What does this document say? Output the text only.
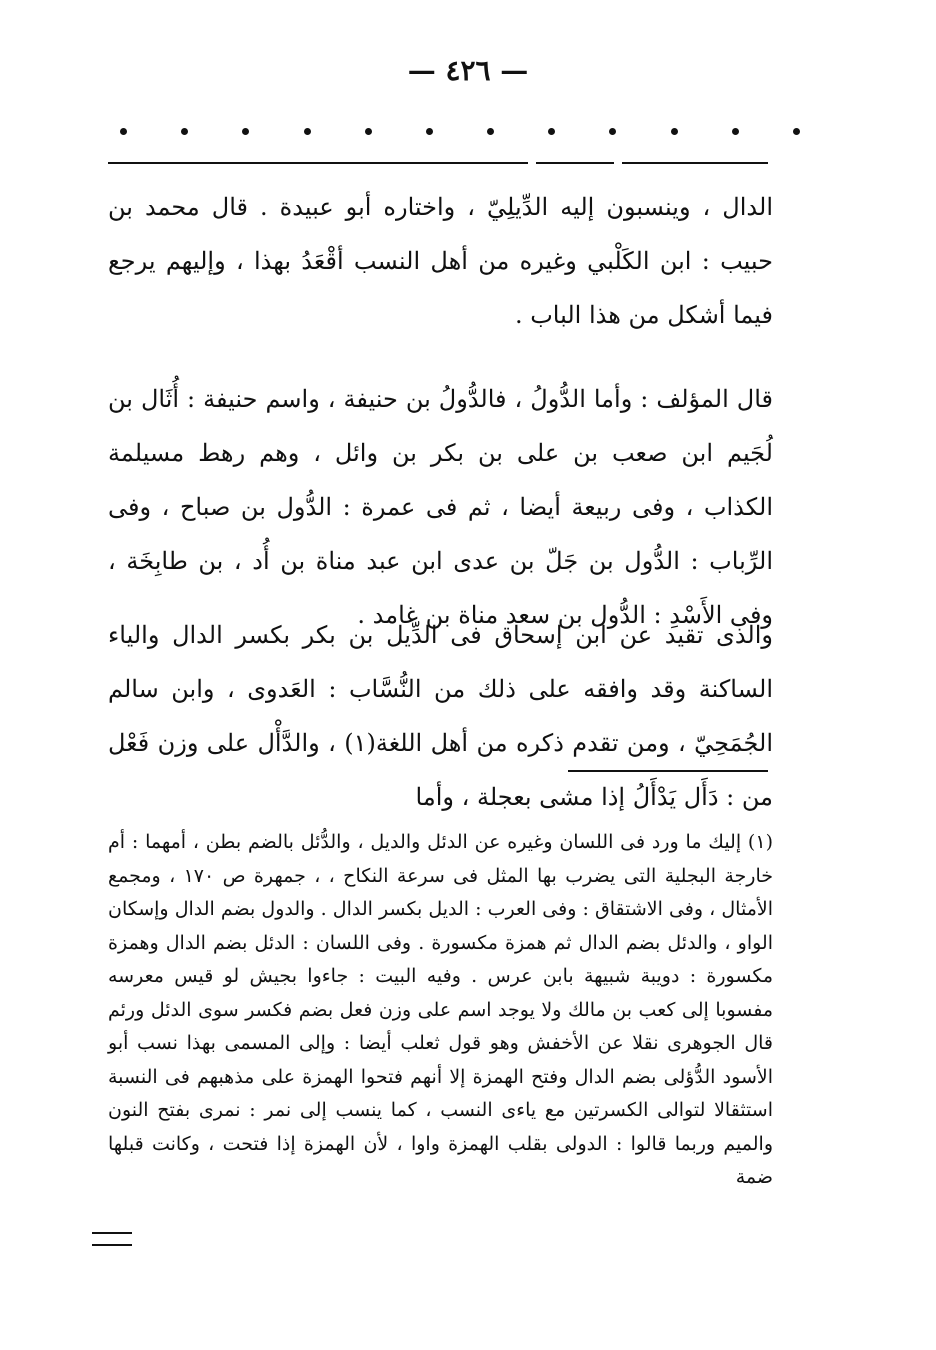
— ٤٢٦ —

الدال ، وينسبون إليه الدِّيلِيّ ، واختاره أبو عبيدة . قال محمد بن حبيب : ابن الكَلْبي وغيره من أهل النسب أقْعَدُ بهذا ، وإليهم يرجع فيما أشكل من هذا الباب .

قال المؤلف : وأما الدُّولُ ، فالدُّولُ بن حنيفة ، واسم حنيفة : أُثَال بن لُجَيم ابن صعب بن على بن بكر بن وائل ، وهم رهط مسيلمة الكذاب ، وفى ربيعة أيضا ، ثم فى عمرة : الدُّول بن صباح ، وفى الرِّباب : الدُّول بن جَلّ بن عدى ابن عبد مناة بن أُد ، بن طابِخَة ، وفى الأَسْدِ : الدُّول بن سعد مناة بن غامد .

والذى تقيد عن ابن إسحاق فى الدِّيل بن بكر بكسر الدال والياء الساكنة وقد وافقه على ذلك من النُّسَّاب : العَدوى ، وابن سالم الجُمَحِيّ ، ومن تقدم ذكره من أهل اللغة(١) ، والدَّأْل على وزن فَعْل من : دَأَل يَدْأَلُ إذا مشى بعجلة ، وأما

(١) إليك ما ورد فى اللسان وغيره عن الدئل والديل ، والدُّئل بالضم بطن ، أمهما : أم خارجة البجلية التى يضرب بها المثل فى سرعة النكاح ، ، جمهرة ص ١٧٠ ، ومجمع الأمثال ، وفى الاشتقاق : وفى العرب : الديل بكسر الدال . والدول بضم الدال وإسكان الواو ، والدئل بضم الدال ثم همزة مكسورة . وفى اللسان : الدئل بضم الدال وهمزة مكسورة : دويبة شبيهة بابن عرس . وفيه البيت : جاءوا بجيش لو قيس معرسه مفسوبا إلى كعب بن مالك ولا يوجد اسم على وزن فعل بضم فكسر سوى الدئل ورئم قال الجوهرى نقلا عن الأخفش وهو قول ثعلب أيضا : وإلى المسمى بهذا نسب أبو الأسود الدُّؤلى بضم الدال وفتح الهمزة إلا أنهم فتحوا الهمزة على مذهبهم فى النسبة استثقالا لتوالى الكسرتين مع ياءى النسب ، كما ينسب إلى نمر : نمرى بفتح النون والميم وربما قالوا : الدولى بقلب الهمزة واوا ، لأن الهمزة إذا فتحت ، وكانت قبلها ضمة
